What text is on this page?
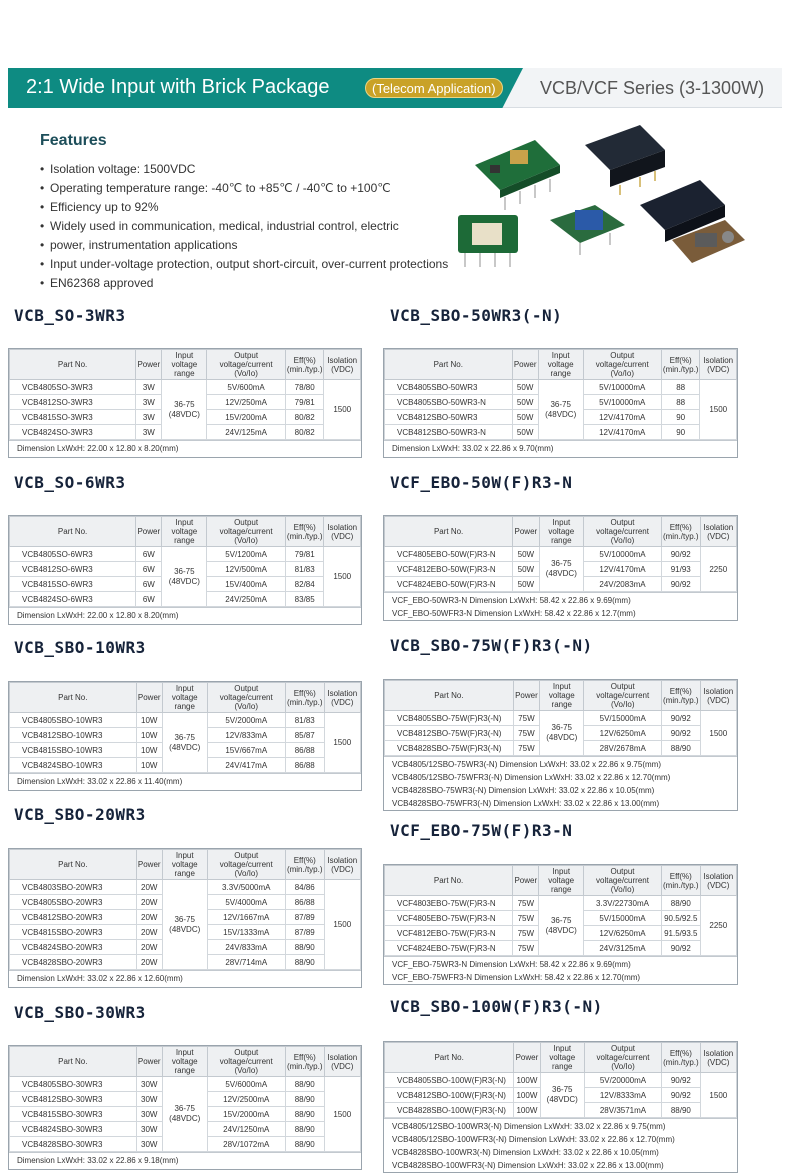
2:1 Wide Input with Brick Package	(Telecom Application)	VCB/VCF Series (3-1300W)
Features
• Isolation voltage: 1500VDC
• Operating temperature range: -40℃ to +85℃ / -40℃ to +100℃
• Efficiency up to 92%
• Widely used in communication, medical, industrial control, electric
• power, instrumentation applications
• Input under-voltage protection, output short-circuit, over-current protections
• EN62368 approved
VCB_SO-3WR3	VCB_SBO-50WR3(-N)
VCB_SO-6WR3	VCF_EBO-50W(F)R3-N
VCB_SBO-10WR3	VCB_SBO-75W(F)R3(-N)
VCB_SBO-20WR3
VCF_EBO-75W(F)R3-N
VCB_SBO-30WR3	VCB_SBO-100W(F)R3(-N)
Part No.	Power	Input voltage range	Output voltage/current (Vo/Io)	Eff(%) (min./typ.)	Isolation (VDC)
VCB4805SO-3WR3	3W	36-75 (48VDC)	5V/600mA	78/80	1500
VCB4812SO-3WR3	3W		12V/250mA	79/81	
VCB4815SO-3WR3	3W		15V/200mA	80/82	
VCB4824SO-3WR3	3W		24V/125mA	80/82	
Dimension LxWxH: 22.00 x 12.80 x 8.20(mm)
Part No.	Power	Input voltage range	Output voltage/current (Vo/Io)	Eff(%) (min./typ.)	Isolation (VDC)
VCB4805SBO-50WR3	50W	36-75 (48VDC)	5V/10000mA	88	1500
VCB4805SBO-50WR3-N	50W		5V/10000mA	88	
VCB4812SBO-50WR3	50W		12V/4170mA	90	
VCB4812SBO-50WR3-N	50W		12V/4170mA	90	
Dimension LxWxH: 33.02 x 22.86 x 9.70(mm)
Part No.	Power	Input voltage range	Output voltage/current (Vo/Io)	Eff(%) (min./typ.)	Isolation (VDC)
VCB4805SO-6WR3	6W	36-75 (48VDC)	5V/1200mA	79/81	1500
VCB4812SO-6WR3	6W		12V/500mA	81/83	
VCB4815SO-6WR3	6W		15V/400mA	82/84	
VCB4824SO-6WR3	6W		24V/250mA	83/85	
Dimension LxWxH: 22.00 x 12.80 x 8.20(mm)
Part No.	Power	Input voltage range	Output voltage/current (Vo/Io)	Eff(%) (min./typ.)	Isolation (VDC)
VCF4805EBO-50W(F)R3-N	50W	36-75 (48VDC)	5V/10000mA	90/92	2250
VCF4812EBO-50W(F)R3-N	50W		12V/4170mA	91/93	
VCF4824EBO-50W(F)R3-N	50W		24V/2083mA	90/92	
VCF_EBO-50WR3-N Dimension LxWxH: 58.42 x 22.86 x 9.69(mm)
VCF_EBO-50WFR3-N Dimension LxWxH: 58.42 x 22.86 x 12.7(mm)
Part No.	Power	Input voltage range	Output voltage/current (Vo/Io)	Eff(%) (min./typ.)	Isolation (VDC)
VCB4805SBO-10WR3	10W	36-75 (48VDC)	5V/2000mA	81/83	1500
VCB4812SBO-10WR3	10W		12V/833mA	85/87	
VCB4815SBO-10WR3	10W		15V/667mA	86/88	
VCB4824SBO-10WR3	10W		24V/417mA	86/88	
Dimension LxWxH: 33.02 x 22.86 x 11.40(mm)
Part No.	Power	Input voltage range	Output voltage/current (Vo/Io)	Eff(%) (min./typ.)	Isolation (VDC)
VCB4805SBO-75W(F)R3(-N)	75W	36-75 (48VDC)	5V/15000mA	90/92	1500
VCB4812SBO-75W(F)R3(-N)	75W		12V/6250mA	90/92	
VCB4828SBO-75W(F)R3(-N)	75W		28V/2678mA	88/90	
VCB4805/12SBO-75WR3(-N) Dimension LxWxH: 33.02 x 22.86 x 9.75(mm)
VCB4805/12SBO-75WFR3(-N) Dimension LxWxH: 33.02 x 22.86 x 12.70(mm)
VCB4828SBO-75WR3(-N) Dimension LxWxH: 33.02 x 22.86 x 10.05(mm)
VCB4828SBO-75WFR3(-N) Dimension LxWxH: 33.02 x 22.86 x 13.00(mm)
Part No.	Power	Input voltage range	Output voltage/current (Vo/Io)	Eff(%) (min./typ.)	Isolation (VDC)
VCB4803SBO-20WR3	20W	36-75 (48VDC)	3.3V/5000mA	84/86	1500
VCB4805SBO-20WR3	20W		5V/4000mA	86/88	
VCB4812SBO-20WR3	20W		12V/1667mA	87/89	
VCB4815SBO-20WR3	20W		15V/1333mA	87/89	
VCB4824SBO-20WR3	20W		24V/833mA	88/90	
VCB4828SBO-20WR3	20W		28V/714mA	88/90	
Dimension LxWxH: 33.02 x 22.86 x 12.60(mm)
Part No.	Power	Input voltage range	Output voltage/current (Vo/Io)	Eff(%) (min./typ.)	Isolation (VDC)
VCF4803EBO-75W(F)R3-N	75W	36-75 (48VDC)	3.3V/22730mA	88/90	2250
VCF4805EBO-75W(F)R3-N	75W		5V/15000mA	90.5/92.5	
VCF4812EBO-75W(F)R3-N	75W		12V/6250mA	91.5/93.5	
VCF4824EBO-75W(F)R3-N	75W		24V/3125mA	90/92	
VCF_EBO-75WR3-N Dimension LxWxH: 58.42 x 22.86 x 9.69(mm)
VCF_EBO-75WFR3-N Dimension LxWxH: 58.42 x 22.86 x 12.70(mm)
Part No.	Power	Input voltage range	Output voltage/current (Vo/Io)	Eff(%) (min./typ.)	Isolation (VDC)
VCB4805SBO-30WR3	30W	36-75 (48VDC)	5V/6000mA	88/90	1500
VCB4812SBO-30WR3	30W		12V/2500mA	88/90	
VCB4815SBO-30WR3	30W		15V/2000mA	88/90	
VCB4824SBO-30WR3	30W		24V/1250mA	88/90	
VCB4828SBO-30WR3	30W		28V/1072mA	88/90	
Dimension LxWxH: 33.02 x 22.86 x 9.18(mm)
Part No.	Power	Input voltage range	Output voltage/current (Vo/Io)	Eff(%) (min./typ.)	Isolation (VDC)
VCB4805SBO-100W(F)R3(-N)	100W	36-75 (48VDC)	5V/20000mA	90/92	1500
VCB4812SBO-100W(F)R3(-N)	100W		12V/8333mA	90/92	
VCB4828SBO-100W(F)R3(-N)	100W		28V/3571mA	88/90	
VCB4805/12SBO-100WR3(-N) Dimension LxWxH: 33.02 x 22.86 x 9.75(mm)
VCB4805/12SBO-100WFR3(-N) Dimension LxWxH: 33.02 x 22.86 x 12.70(mm)
VCB4828SBO-100WR3(-N) Dimension LxWxH: 33.02 x 22.86 x 10.05(mm)
VCB4828SBO-100WFR3(-N) Dimension LxWxH: 33.02 x 22.86 x 13.00(mm)
